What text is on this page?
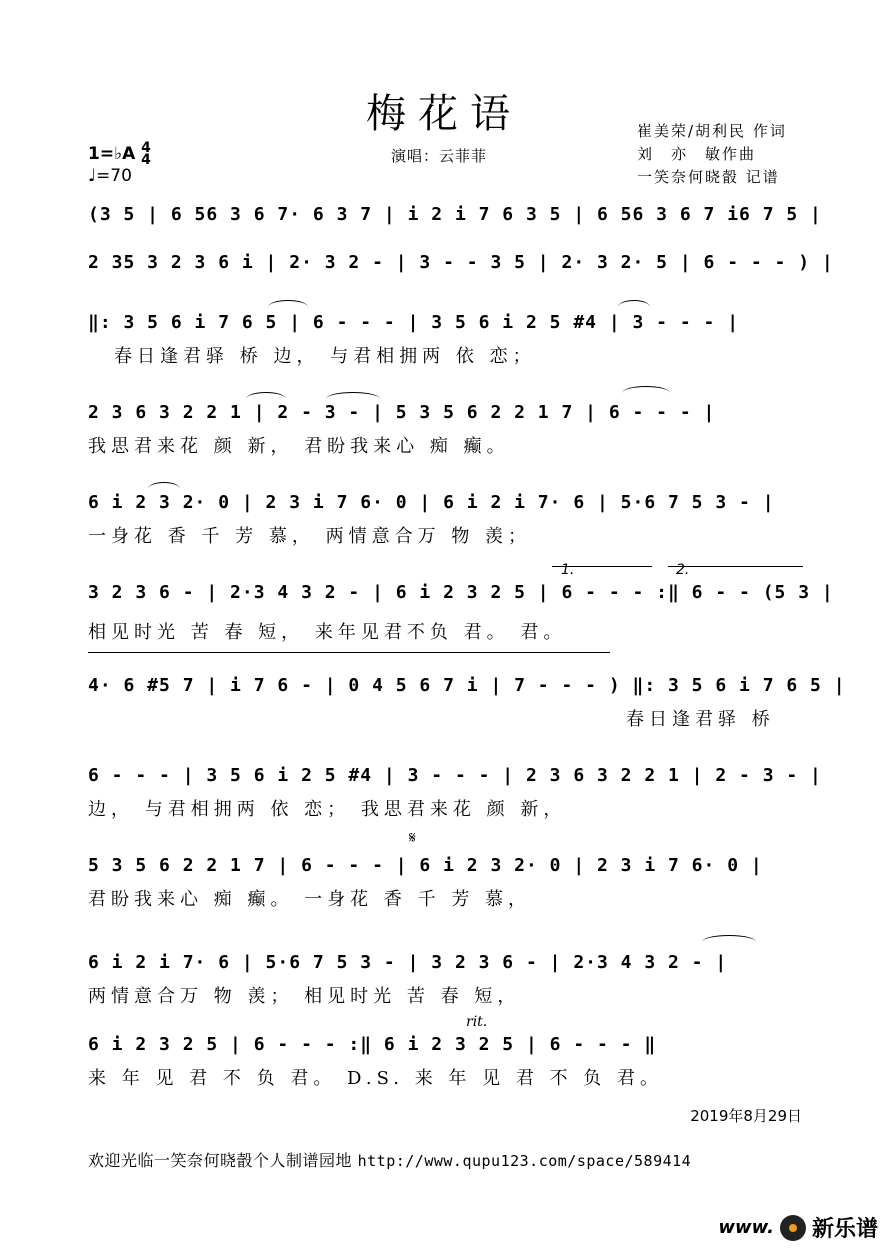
梅花语
1=♭A 4
4
♩=70
演唱：云菲菲
崔美荣/胡利民 作词
刘　亦　敏作曲
一笑奈何晓瞉 记谱
(3 5 | 6 56 3 6 7· 6 3 7 | i 2 i 7 6 3 5 | 6 56 3 6 7 i6 7 5 |
2 35 3 2 3 6 i | 2· 3 2 - | 3 - - 3 5 | 2· 3 2· 5 | 6 - - - ) |
‖: 3 5 6 i 7 6 5 | 6 - - - | 3 5 6 i 2 5 #4 | 3 - - - |
春日逢君驿 桥 边， 与君相拥两 依 恋；
2 3 6 3 2 2 1 | 2 - 3 - | 5 3 5 6 2 2 1 7 | 6 - - - |
我思君来花 颜 新， 君盼我来心 痴 癫。
6 i 2 3 2· 0 | 2 3 i 7 6· 0 | 6 i 2 i 7· 6 | 5·6 7 5 3 - |
一身花 香 千 芳 慕， 两情意合万 物 羡；
1.	2.
3 2 3 6 - | 2·3 4 3 2 - | 6 i 2 3 2 5 | 6 - - - :‖ 6 - - (5 3 |
相见时光 苦 春 短， 来年见君不负 君。 君。
4· 6 #5 7 | i 7 6 - | 0 4 5 6 7 i | 7 - - - ) ‖: 3 5 6 i 7 6 5 |
春日逢君驿 桥
6 - - - | 3 5 6 i 2 5 #4 | 3 - - - | 2 3 6 3 2 2 1 | 2 - 3 - |
边， 与君相拥两 依 恋； 我思君来花 颜 新，
𝄋
5 3 5 6 2 2 1 7 | 6 - - - | 6 i 2 3 2· 0 | 2 3 i 7 6· 0 |
君盼我来心 痴 癫。 一身花 香 千 芳 慕，
6 i 2 i 7· 6 | 5·6 7 5 3 - | 3 2 3 6 - | 2·3 4 3 2 - |
两情意合万 物 羡； 相见时光 苦 春 短，
rit.
6 i 2 3 2 5 | 6 - - - :‖ 6 i 2 3 2 5 | 6 - - - ‖
来 年 见 君 不 负 君。 D.S. 来 年 见 君 不 负 君。
2019年8月29日
欢迎光临一笑奈何晓瞉个人制谱园地 http://www.qupu123.com/space/589414
www. 新乐谱
